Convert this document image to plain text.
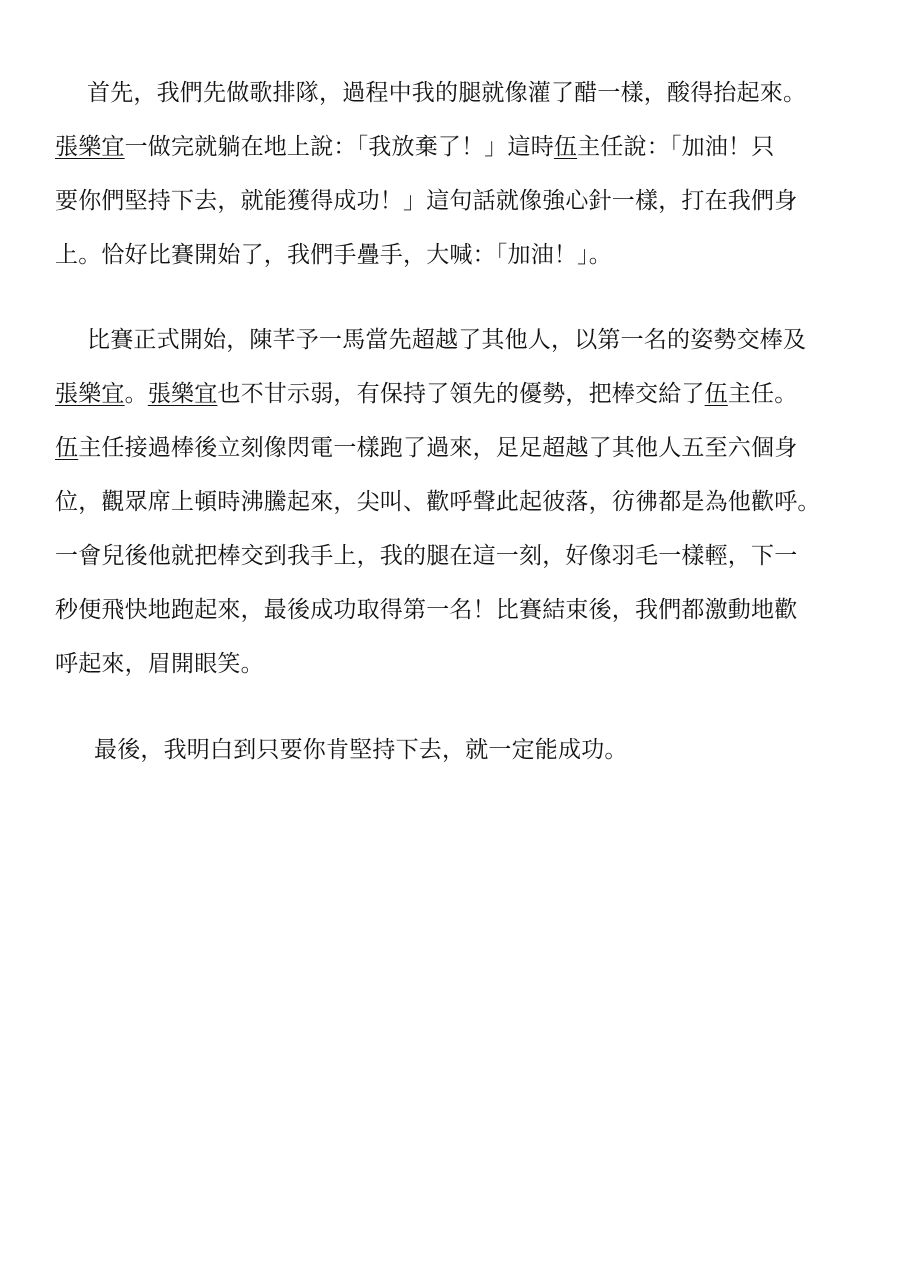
首先，我們先做歌排隊，過程中我的腿就像灌了醋一樣，酸得抬起來。
張樂宜一做完就躺在地上說：「我放棄了！」這時伍主任說：「加油！只
要你們堅持下去，就能獲得成功！」這句話就像強心針一樣，打在我們身
上。恰好比賽開始了，我們手疊手，大喊：「加油！」。

比賽正式開始，陳芊予一馬當先超越了其他人，以第一名的姿勢交棒及
張樂宜。張樂宜也不甘示弱，有保持了領先的優勢，把棒交給了伍主任。
伍主任接過棒後立刻像閃電一樣跑了過來，足足超越了其他人五至六個身
位，觀眾席上頓時沸騰起來，尖叫、歡呼聲此起彼落，彷彿都是為他歡呼。
一會兒後他就把棒交到我手上，我的腿在這一刻，好像羽毛一樣輕，下一
秒便飛快地跑起來，最後成功取得第一名！比賽結束後，我們都激動地歡
呼起來，眉開眼笑。

最後，我明白到只要你肯堅持下去，就一定能成功。
